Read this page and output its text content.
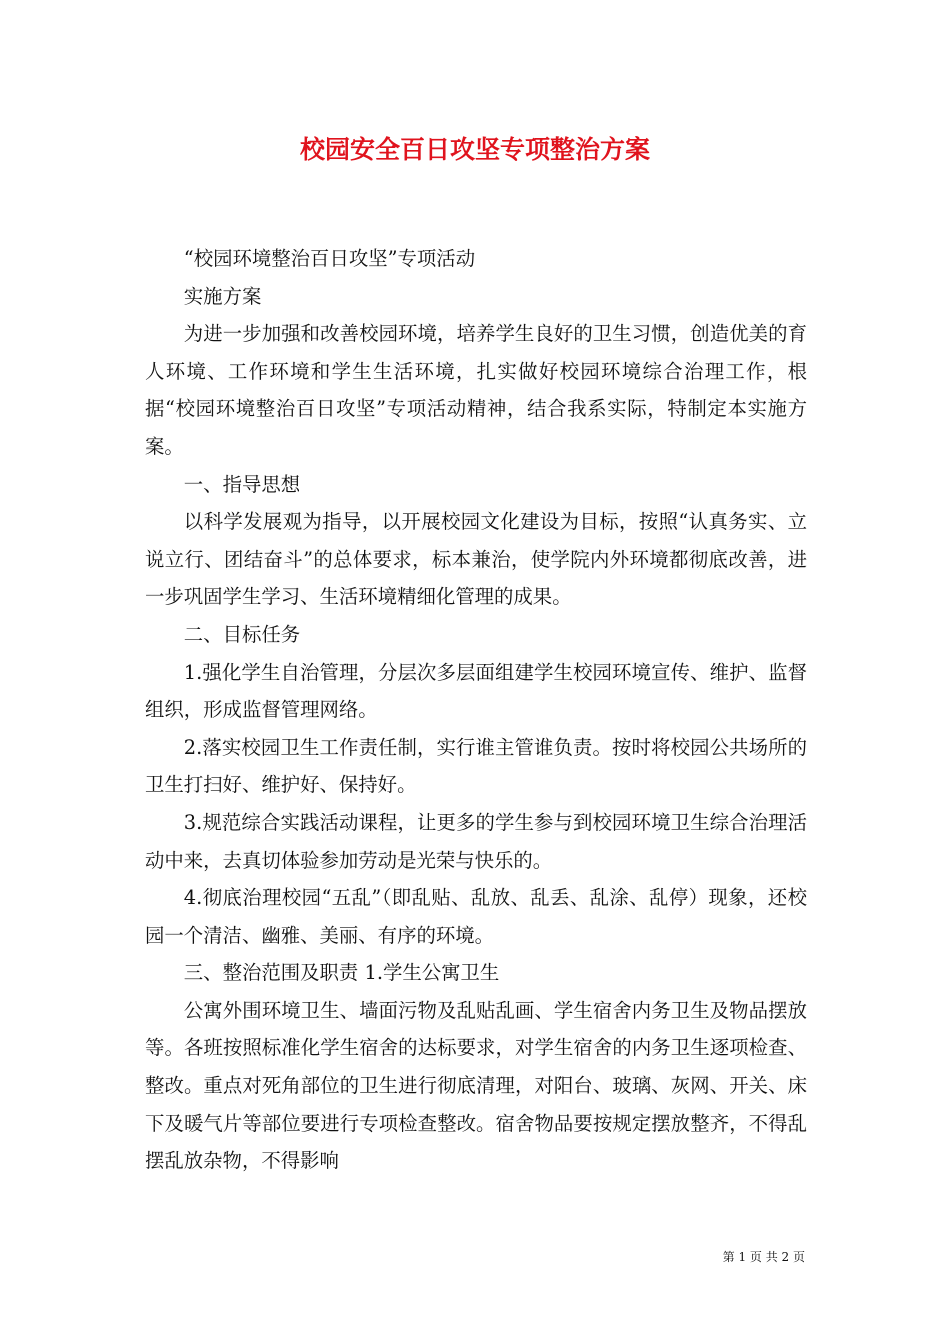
校园安全百日攻坚专项整治方案

“校园环境整治百日攻坚”专项活动

实施方案

为进一步加强和改善校园环境，培养学生良好的卫生习惯，创造优美的育人环境、工作环境和学生生活环境，扎实做好校园环境综合治理工作，根据“校园环境整治百日攻坚”专项活动精神，结合我系实际，特制定本实施方案。

一、指导思想

以科学发展观为指导，以开展校园文化建设为目标，按照“认真务实、立说立行、团结奋斗”的总体要求，标本兼治，使学院内外环境都彻底改善，进一步巩固学生学习、生活环境精细化管理的成果。

二、目标任务

1.强化学生自治管理，分层次多层面组建学生校园环境宣传、维护、监督组织，形成监督管理网络。

2.落实校园卫生工作责任制，实行谁主管谁负责。按时将校园公共场所的卫生打扫好、维护好、保持好。

3.规范综合实践活动课程，让更多的学生参与到校园环境卫生综合治理活动中来，去真切体验参加劳动是光荣与快乐的。

4.彻底治理校园“五乱”（即乱贴、乱放、乱丢、乱涂、乱停）现象，还校园一个清洁、幽雅、美丽、有序的环境。

三、整治范围及职责 1.学生公寓卫生

公寓外围环境卫生、墙面污物及乱贴乱画、学生宿舍内务卫生及物品摆放等。各班按照标准化学生宿舍的达标要求，对学生宿舍的内务卫生逐项检查、整改。重点对死角部位的卫生进行彻底清理，对阳台、玻璃、灰网、开关、床下及暖气片等部位要进行专项检查整改。宿舍物品要按规定摆放整齐，不得乱摆乱放杂物，不得影响

第 1 页 共 2 页
